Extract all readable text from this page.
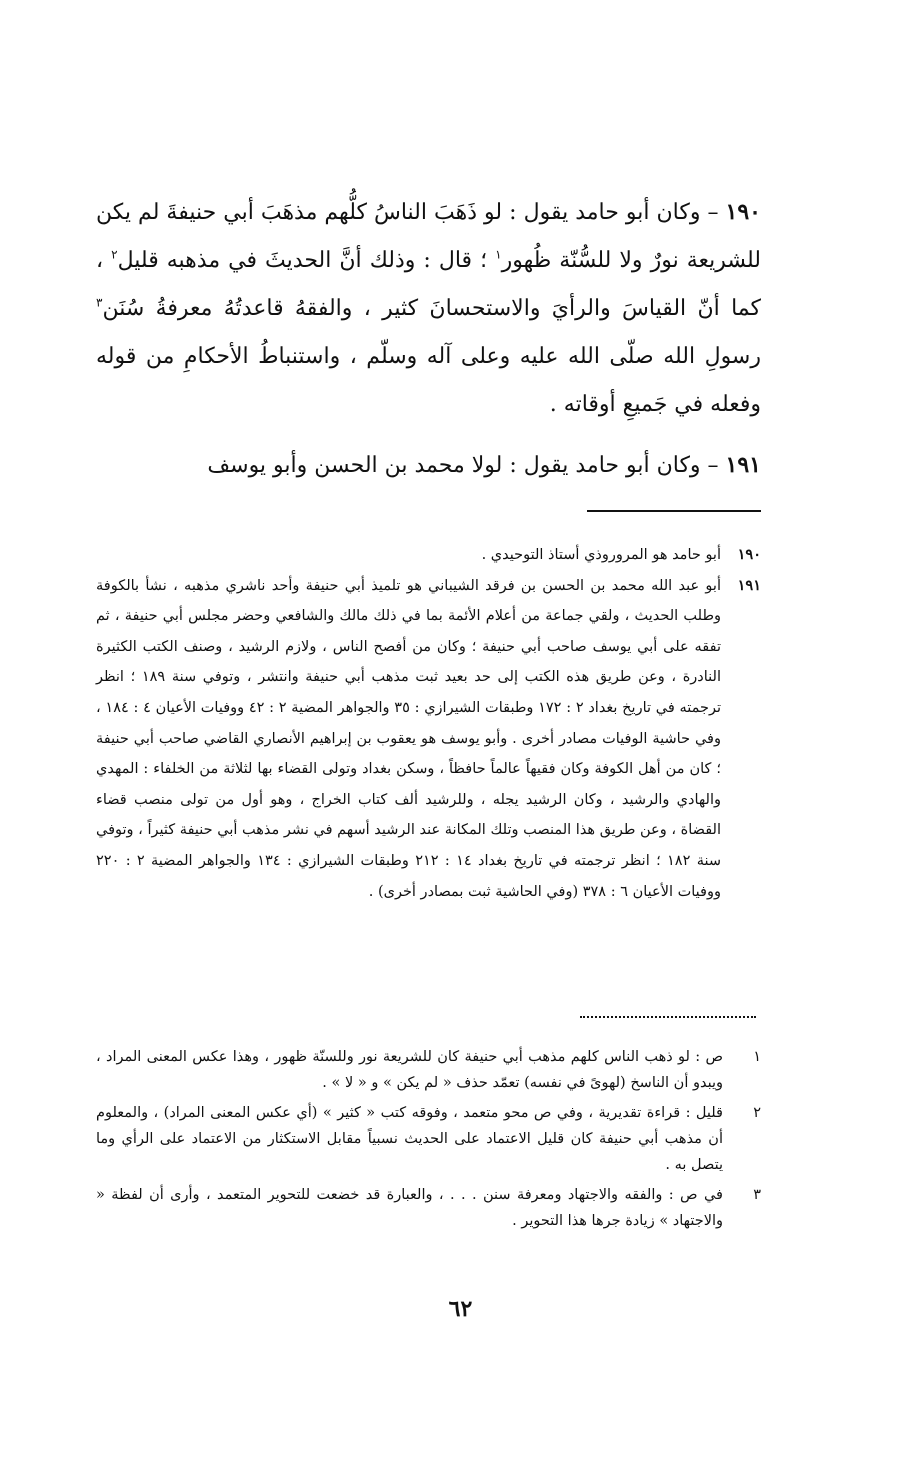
١٩٠ – وكان أبو حامد يقول : لو ذَهَبَ الناسُ كلُّهم مذهَبَ أبي حنيفةَ لم يكن للشريعة نورٌ ولا للسُّنّة ظُهور$^١$ ؛ قال : وذلك أنَّ الحديثَ في مذهبه قليل$^٢$ ، كما أنّ القياسَ والرأيَ والاستحسانَ كثير ، والفقهُ قاعدتُهُ معرفةُ سُنَن$^٣$ رسولِ الله صلّى الله عليه وعلى آله وسلّم ، واستنباطُ الأحكامِ من قوله وفعله في جَميعِ أوقاته .

١٩١ – وكان أبو حامد يقول : لولا محمد بن الحسن وأبو يوسف

١٩٠
أبو حامد هو المروروذي أستاذ التوحيدي .
١٩١
أبو عبد الله محمد بن الحسن بن فرقد الشيباني هو تلميذ أبي حنيفة وأحد ناشري مذهبه ، نشأ بالكوفة وطلب الحديث ، ولقي جماعة من أعلام الأئمة بما في ذلك مالك والشافعي وحضر مجلس أبي حنيفة ، ثم تفقه على أبي يوسف صاحب أبي حنيفة ؛ وكان من أفصح الناس ، ولازم الرشيد ، وصنف الكتب الكثيرة النادرة ، وعن طريق هذه الكتب إلى حد بعيد ثبت مذهب أبي حنيفة وانتشر ، وتوفي سنة ١٨٩ ؛ انظر ترجمته في تاريخ بغداد ٢ : ١٧٢ وطبقات الشيرازي : ٣٥ والجواهر المضية ٢ : ٤٢ ووفيات الأعيان ٤ : ١٨٤ ، وفي حاشية الوفيات مصادر أخرى . وأبو يوسف هو يعقوب بن إبراهيم الأنصاري القاضي صاحب أبي حنيفة ؛ كان من أهل الكوفة وكان فقيهاً عالماً حافظاً ، وسكن بغداد وتولى القضاء بها لثلاثة من الخلفاء : المهدي والهادي والرشيد ، وكان الرشيد يجله ، وللرشيد ألف كتاب الخراج ، وهو أول من تولى منصب قضاء القضاة ، وعن طريق هذا المنصب وتلك المكانة عند الرشيد أسهم في نشر مذهب أبي حنيفة كثيراً ، وتوفي سنة ١٨٢ ؛ انظر ترجمته في تاريخ بغداد ١٤ : ٢١٢ وطبقات الشيرازي : ١٣٤ والجواهر المضية ٢ : ٢٢٠ ووفيات الأعيان ٦ : ٣٧٨ (وفي الحاشية ثبت بمصادر أخرى) .
١
ص : لو ذهب الناس كلهم مذهب أبي حنيفة كان للشريعة نور وللسنّة ظهور ، وهذا عكس المعنى المراد ، ويبدو أن الناسخ (لهوىً في نفسه) تعمّد حذف « لم يكن » و « لا » .
٢
قليل : قراءة تقديرية ، وفي ص محو متعمد ، وفوقه كتب « كثير » (أي عكس المعنى المراد) ، والمعلوم أن مذهب أبي حنيفة كان قليل الاعتماد على الحديث نسبياً مقابل الاستكثار من الاعتماد على الرأي وما يتصل به .
٣
في ص : والفقه والاجتهاد ومعرفة سنن . . . ، والعبارة قد خضعت للتحوير المتعمد ، وأرى أن لفظة « والاجتهاد » زيادة جرها هذا التحوير .
٦٢
